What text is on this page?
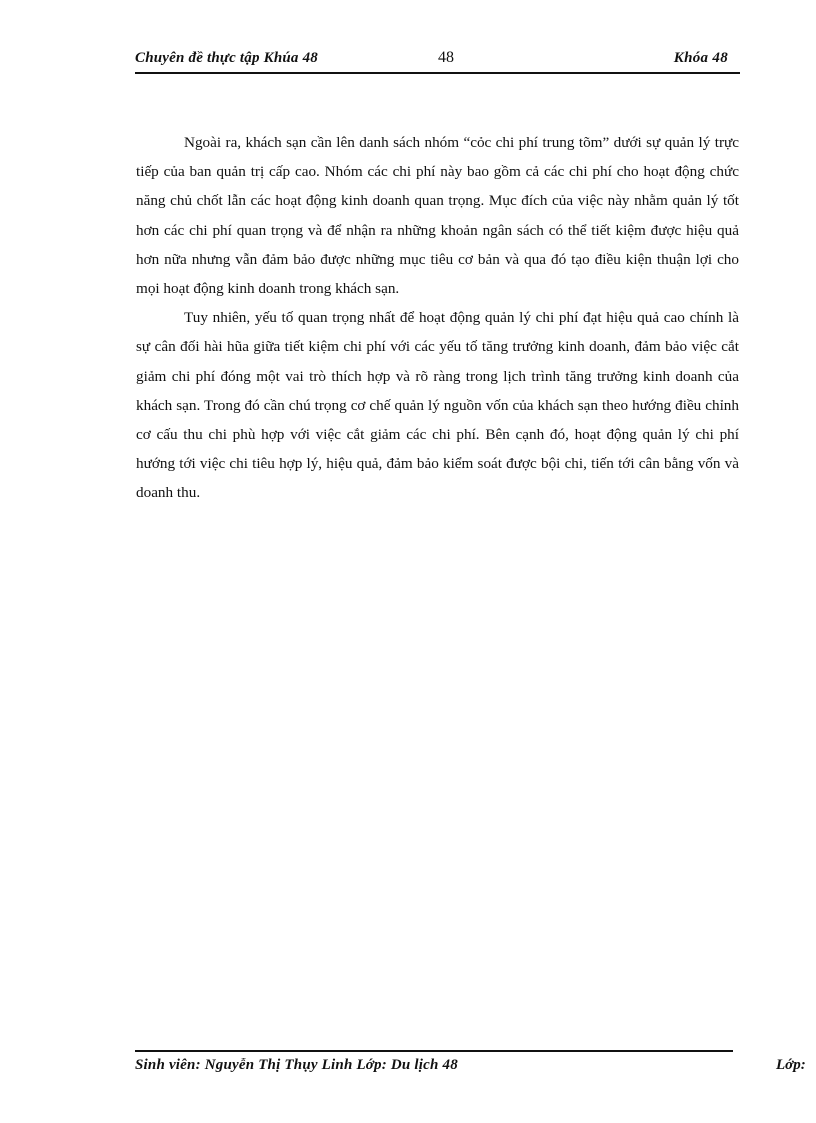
Chuyên đề thực tập Khúa 48	48	Khóa 48

Ngoài ra, khách sạn cần lên danh sách nhóm “cỏc chi phí trung tõm” dưới sự quản lý trực tiếp của ban quản trị cấp cao. Nhóm các chi phí này bao gồm cả các chi phí cho hoạt động chức năng chủ chốt lẫn các hoạt động kinh doanh quan trọng. Mục đích của việc này nhằm quản lý tốt hơn các chi phí quan trọng và để nhận ra những khoản ngân sách có thể tiết kiệm được hiệu quả hơn nữa nhưng vẫn đảm bảo được những mục tiêu cơ bản và qua đó tạo điều kiện thuận lợi cho mọi hoạt động kinh doanh trong khách sạn.

Tuy nhiên, yếu tố quan trọng nhất để hoạt động quản lý chi phí đạt hiệu quả cao chính là sự cân đối hài hũa giữa tiết kiệm chi phí với các yếu tố tăng trưởng kinh doanh, đảm bảo việc cắt giảm chi phí đóng một vai trò thích hợp và rõ ràng trong lịch trình tăng trưởng kinh doanh của khách sạn. Trong đó cần chú trọng cơ chế quản lý nguồn vốn của khách sạn theo hướng điều chỉnh cơ cấu thu chi phù hợp với việc cắt giảm các chi phí. Bên cạnh đó, hoạt động quản lý chi phí hướng tới việc chi tiêu hợp lý, hiệu quả, đảm bảo kiểm soát được bội chi, tiến tới cân bằng vốn và doanh thu.

Sinh viên: Nguyễn Thị Thụy Linh Lớp: Du lịch 48	Lớp:
